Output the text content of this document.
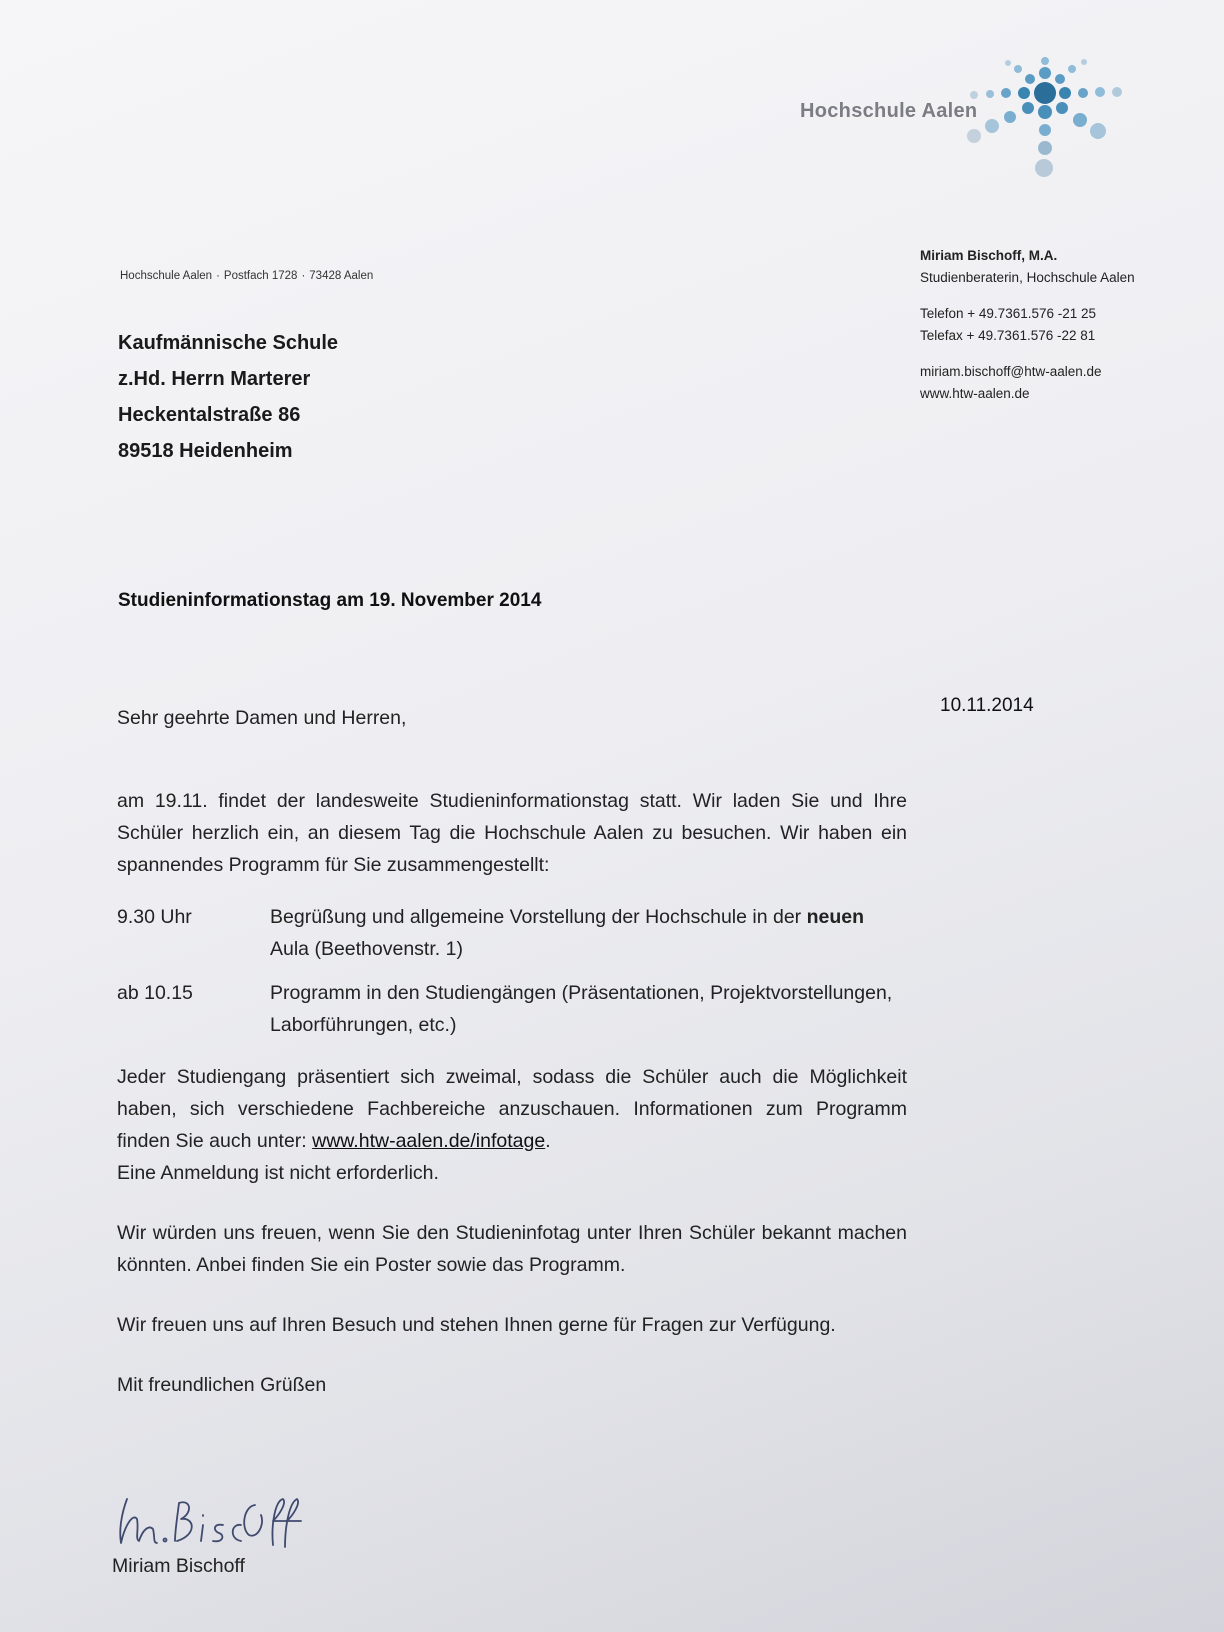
Hochschule Aalen
Hochschule Aalen · Postfach 1728 · 73428 Aalen
Kaufmännische Schule
z.Hd. Herrn Marterer
Heckentalstraße 86
89518 Heidenheim
Miriam Bischoff, M.A.
Studienberaterin, Hochschule Aalen
Telefon + 49.7361.576 -21 25
Telefax + 49.7361.576 -22 81
miriam.bischoff@htw-aalen.de
www.htw-aalen.de
Studieninformationstag am 19. November 2014
10.11.2014
Sehr geehrte Damen und Herren,

am 19.11. findet der landesweite Studieninformationstag statt. Wir laden Sie und Ihre Schüler herzlich ein, an diesem Tag die Hochschule Aalen zu besuchen. Wir haben ein spannendes Programm für Sie zusammengestellt:

9.30 Uhr	Begrüßung und allgemeine Vorstellung der Hochschule in der neuen Aula (Beethovenstr. 1)
ab 10.15	Programm in den Studiengängen (Präsentationen, Projektvorstellungen, Laborführungen, etc.)

Jeder Studiengang präsentiert sich zweimal, sodass die Schüler auch die Möglichkeit haben, sich verschiedene Fachbereiche anzuschauen. Informationen zum Programm finden Sie auch unter: www.htw-aalen.de/infotage.

Eine Anmeldung ist nicht erforderlich.

Wir würden uns freuen, wenn Sie den Studieninfotag unter Ihren Schüler bekannt machen könnten. Anbei finden Sie ein Poster sowie das Programm.

Wir freuen uns auf Ihren Besuch und stehen Ihnen gerne für Fragen zur Verfügung.

Mit freundlichen Grüßen

Miriam Bischoff
